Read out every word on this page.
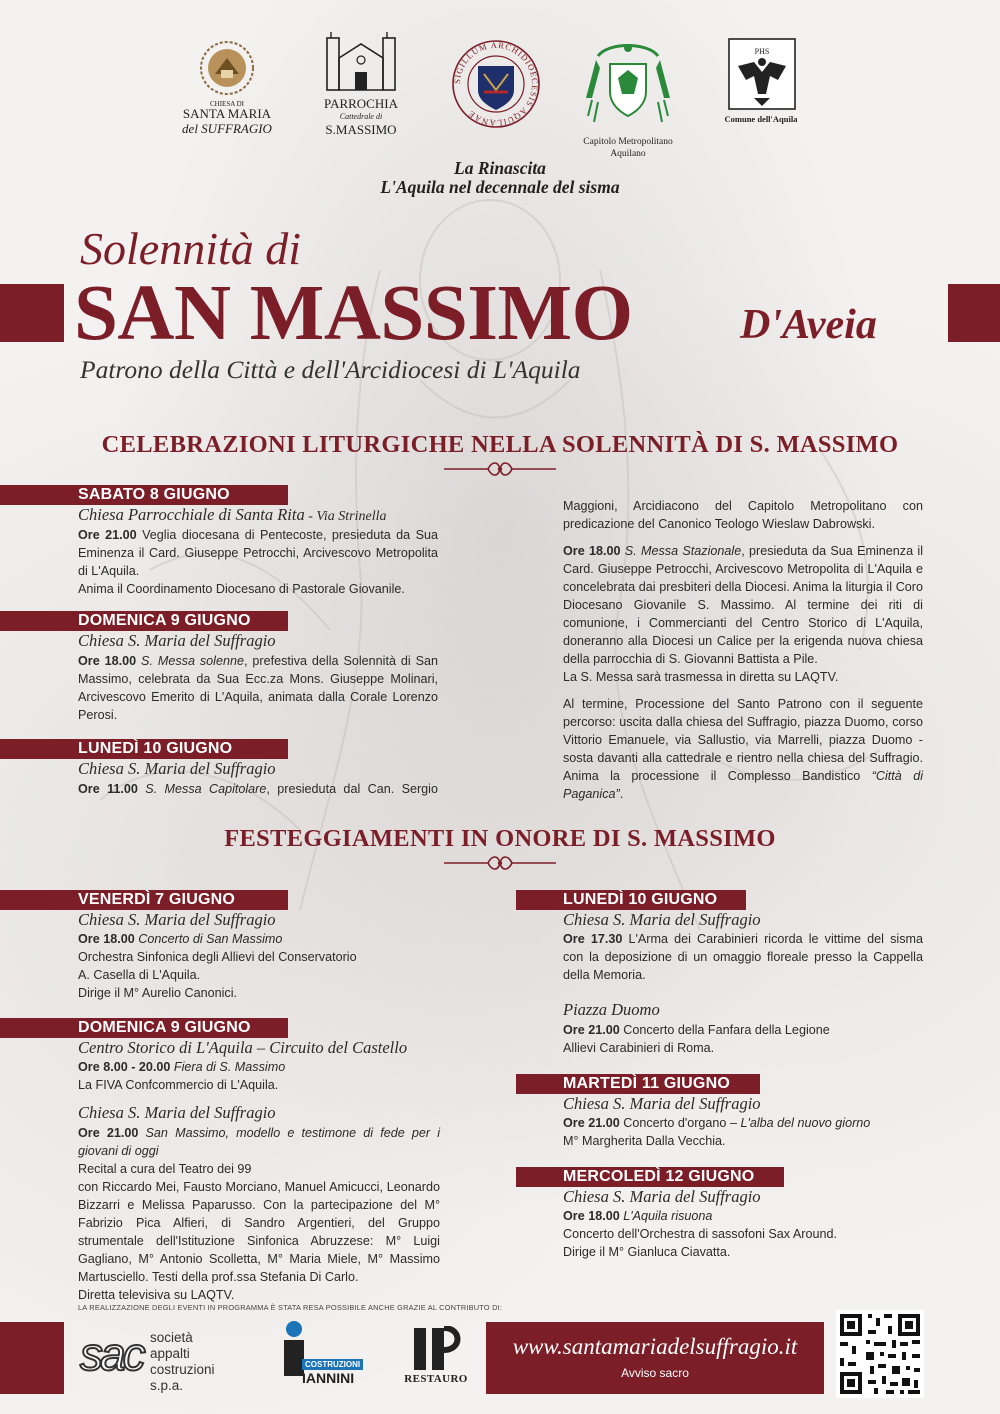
CHIESA DI
SANTA MARIA
del SUFFRAGIO
PARROCHIA
Cattedrale di
S.MASSIMO
SIGILLUM ARCHIDIOECESIS AQUILANAE
Capitolo Metropolitano
Aquilano
PHS
Comune dell'Aquila
La Rinascita
L'Aquila nel decennale del sisma
Solennità di
SAN MASSIMO	D'Aveia
Patrono della Città e dell'Arcidiocesi di L'Aquila
CELEBRAZIONI LITURGICHE NELLA SOLENNITÀ DI S. MASSIMO
SABATO 8 GIUGNO
Chiesa Parrocchiale di Santa Rita - Via Strinella

Ore 21.00 Veglia diocesana di Pentecoste, presieduta da Sua Eminenza il Card. Giuseppe Petrocchi, Arcivescovo Metropolita di L'Aquila.

Anima il Coordinamento Diocesano di Pastorale Giovanile.

DOMENICA 9 GIUGNO
Chiesa S. Maria del Suffragio

Ore 18.00 S. Messa solenne, prefestiva della Solennità di San Massimo, celebrata da Sua Ecc.za Mons. Giuseppe Molinari, Arcivescovo Emerito di L'Aquila, animata dalla Corale Lorenzo Perosi.

LUNEDÌ 10 GIUGNO
Chiesa S. Maria del Suffragio

Ore 11.00 S. Messa Capitolare, presieduta dal Can. Sergio

Maggioni, Arcidiacono del Capitolo Metropolitano con predicazione del Canonico Teologo Wieslaw Dabrowski.

Ore 18.00 S. Messa Stazionale, presieduta da Sua Eminenza il Card. Giuseppe Petrocchi, Arcivescovo Metropolita di L'Aquila e concelebrata dai presbiteri della Diocesi. Anima la liturgia il Coro Diocesano Giovanile S. Massimo. Al termine dei riti di comunione, i Commercianti del Centro Storico di L'Aquila, doneranno alla Diocesi un Calice per la erigenda nuova chiesa della parrocchia di S. Giovanni Battista a Pile.

La S. Messa sarà trasmessa in diretta su LAQTV.

Al termine, Processione del Santo Patrono con il seguente percorso: uscita dalla chiesa del Suffragio, piazza Duomo, corso Vittorio Emanuele, via Sallustio, via Marrelli, piazza Duomo - sosta davanti alla cattedrale e rientro nella chiesa del Suffragio. Anima la processione il Complesso Bandistico “Città di Paganica”.

FESTEGGIAMENTI IN ONORE DI S. MASSIMO
VENERDÌ 7 GIUGNO
Chiesa S. Maria del Suffragio

Ore 18.00 Concerto di San Massimo

Orchestra Sinfonica degli Allievi del Conservatorio

A. Casella di L'Aquila.

Dirige il M° Aurelio Canonici.

DOMENICA 9 GIUGNO
Centro Storico di L'Aquila – Circuito del Castello

Ore 8.00 - 20.00 Fiera di S. Massimo

La FIVA Confcommercio di L'Aquila.

Chiesa S. Maria del Suffragio

Ore 21.00 San Massimo, modello e testimone di fede per i giovani di oggi

Recital a cura del Teatro dei 99

con Riccardo Mei, Fausto Morciano, Manuel Amicucci, Leonardo Bizzarri e Melissa Paparusso. Con la partecipazione del M° Fabrizio Pica Alfieri, di Sandro Argentieri, del Gruppo strumentale dell'Istituzione Sinfonica Abruzzese: M° Luigi Gagliano, M° Antonio Scolletta, M° Maria Miele, M° Massimo Martusciello. Testi della prof.ssa Stefania Di Carlo.

Diretta televisiva su LAQTV.

LUNEDÌ 10 GIUGNO
Chiesa S. Maria del Suffragio

Ore 17.30 L'Arma dei Carabinieri ricorda le vittime del sisma con la deposizione di un omaggio floreale presso la Cappella della Memoria.

Piazza Duomo

Ore 21.00 Concerto della Fanfara della Legione

Allievi Carabinieri di Roma.

MARTEDÌ 11 GIUGNO
Chiesa S. Maria del Suffragio

Ore 21.00 Concerto d'organo – L'alba del nuovo giorno

M° Margherita Dalla Vecchia.

MERCOLEDÌ 12 GIUGNO
Chiesa S. Maria del Suffragio

Ore 18.00 L'Aquila risuona

Concerto dell'Orchestra di sassofoni Sax Around.

Dirige il M° Gianluca Ciavatta.

LA REALIZZAZIONE DEGLI EVENTI IN PROGRAMMA È STATA RESA POSSIBILE ANCHE GRAZIE AL CONTRIBUTO DI:
sac società
appalti
costruzioni s.p.a.
COSTRUZIONI
IANNINI	RESTAURO
www.santamariadelsuffragio.it
Avviso sacro
